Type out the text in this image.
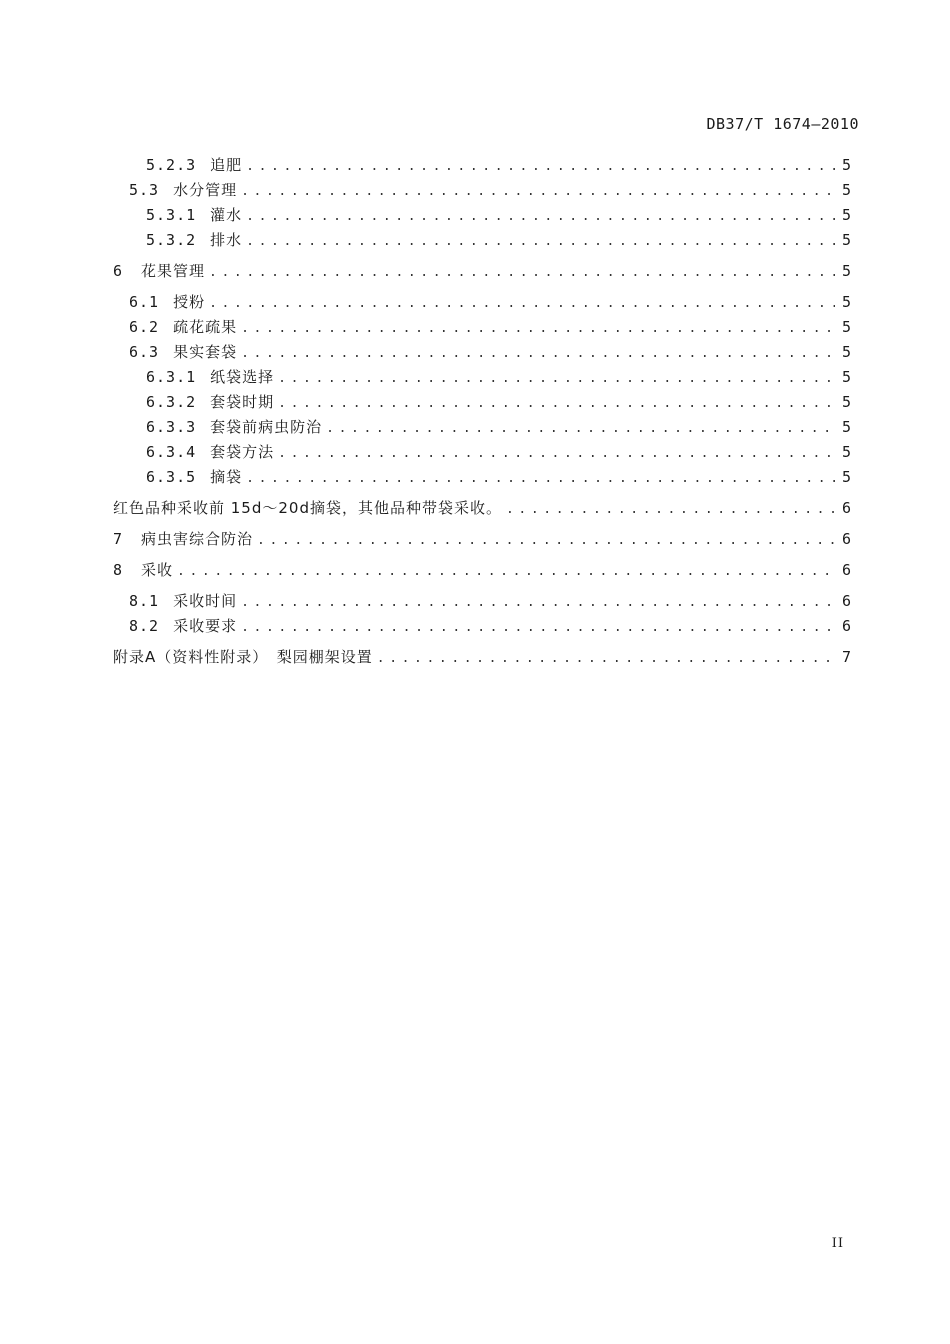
DB37/T 1674—2010
5.2.3 追肥 .....	5
5.3 水分管理 .....	5
5.3.1 灌水 .....	5
5.3.2 排水 .....	5
6 花果管理 .....	5
6.1 授粉 .....	5
6.2 疏花疏果 .....	5
6.3 果实套袋 .....	5
6.3.1 纸袋选择 .....	5
6.3.2 套袋时期 .....	5
6.3.3 套袋前病虫防治 .....	5
6.3.4 套袋方法 .....	5
6.3.5 摘袋 .....	5
红色品种采收前 15d～20d摘袋，其他品种带袋采收。 .....	6
7 病虫害综合防治 .....	6
8 采收 .....	6
8.1 采收时间 .....	6
8.2 采收要求 .....	6
附录A（资料性附录）　梨园棚架设置 .....	7
II
